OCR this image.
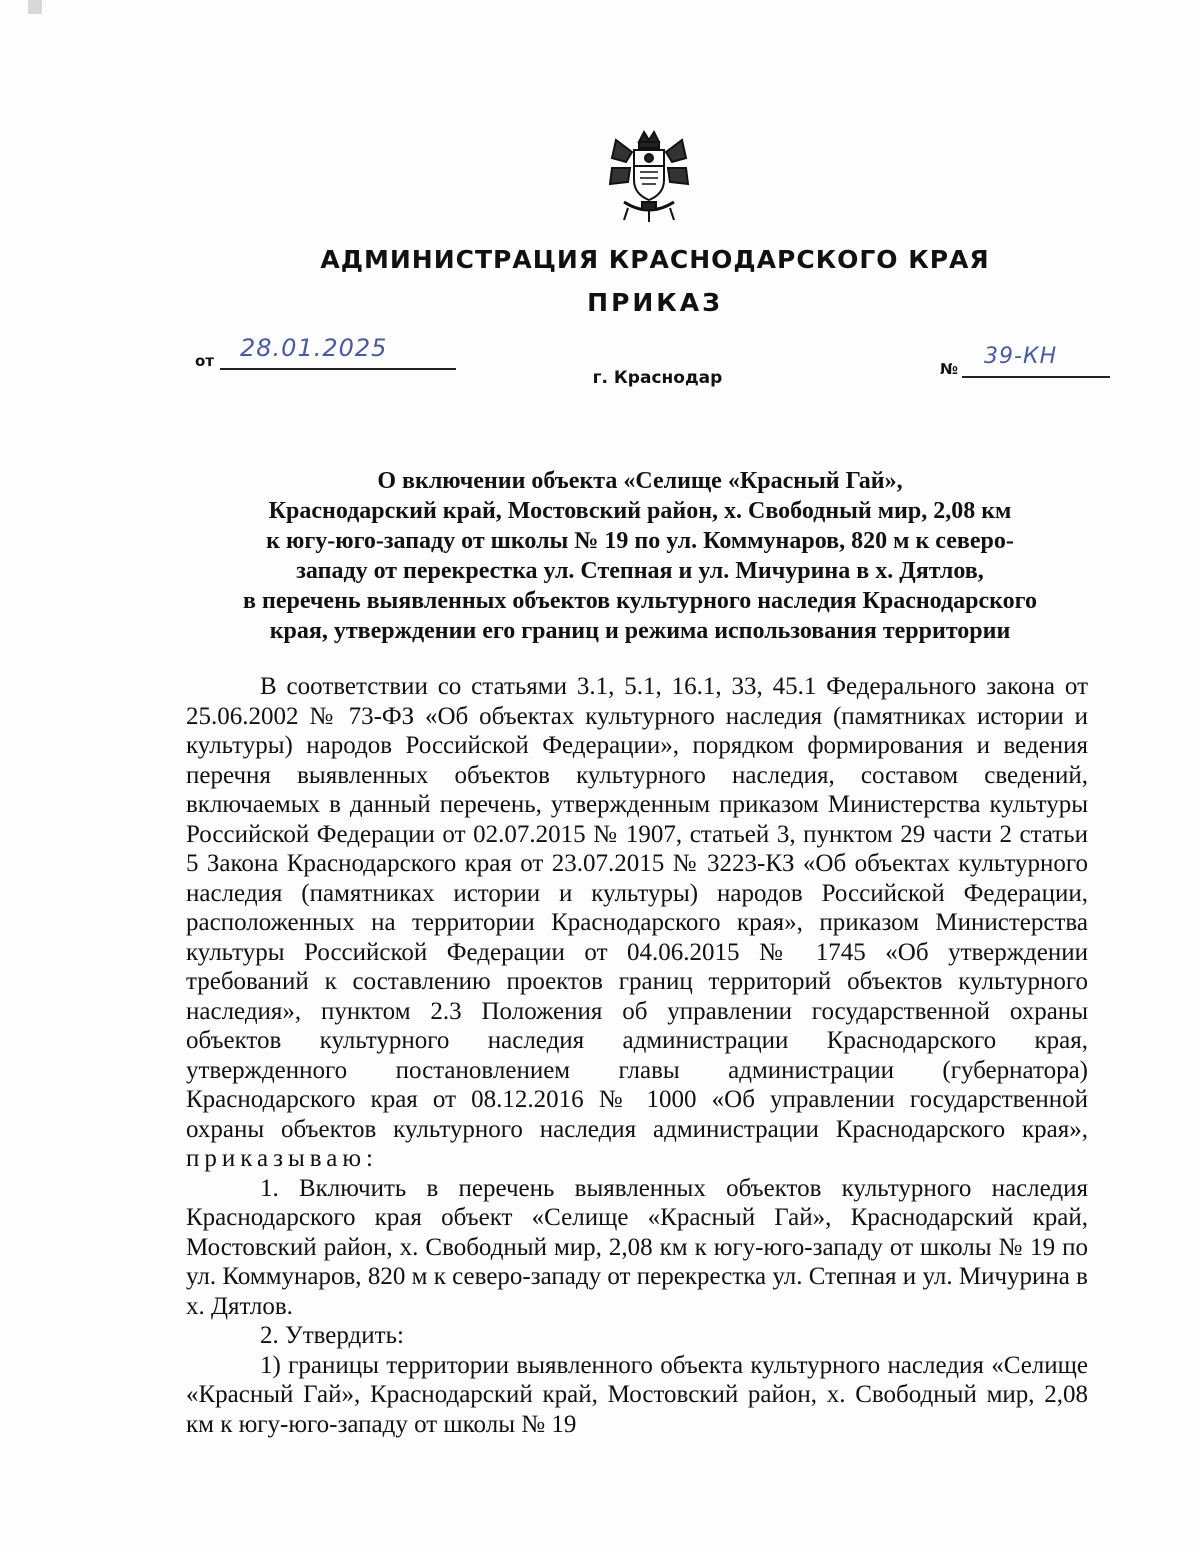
АДМИНИСТРАЦИЯ КРАСНОДАРСКОГО КРАЯ
ПРИКАЗ
от 28.01.2025
№ 39-КН
г. Краснодар
О включении объекта «Селище «Красный Гай»,
Краснодарский край, Мостовский район, х. Свободный мир, 2,08 км
к югу-юго-западу от школы № 19 по ул. Коммунаров, 820 м к северо-
западу от перекрестка ул. Степная и ул. Мичурина в х. Дятлов,
в перечень выявленных объектов культурного наследия Краснодарского
края, утверждении его границ и режима использования территории

В соответствии со статьями 3.1, 5.1, 16.1, 33, 45.1 Федерального закона от 25.06.2002 № 73-ФЗ «Об объектах культурного наследия (памятниках истории и культуры) народов Российской Федерации», порядком формирования и ведения перечня выявленных объектов культурного наследия, составом сведений, включаемых в данный перечень, утвержденным приказом Министерства культуры Российской Федерации от 02.07.2015 № 1907, статьей 3, пунктом 29 части 2 статьи 5 Закона Краснодарского края от 23.07.2015 № 3223-КЗ «Об объектах культурного наследия (памятниках истории и культуры) народов Российской Федерации, расположенных на территории Краснодарского края», приказом Министерства культуры Российской Федерации от 04.06.2015 № 1745 «Об утверждении требований к составлению проектов границ территорий объектов культурного наследия», пунктом 2.3 Положения об управлении государственной охраны объектов культурного наследия администрации Краснодарского края, утвержденного постановлением главы администрации (губернатора) Краснодарского края от 08.12.2016 № 1000 «Об управлении государственной охраны объектов культурного наследия администрации Краснодарского края», приказываю:

1. Включить в перечень выявленных объектов культурного наследия Краснодарского края объект «Селище «Красный Гай», Краснодарский край, Мостовский район, х. Свободный мир, 2,08 км к югу-юго-западу от школы № 19 по ул. Коммунаров, 820 м к северо-западу от перекрестка ул. Степная и ул. Мичурина в х. Дятлов.

2. Утвердить:

1) границы территории выявленного объекта культурного наследия «Селище «Красный Гай», Краснодарский край, Мостовский район, х. Свободный мир, 2,08 км к югу-юго-западу от школы № 19
